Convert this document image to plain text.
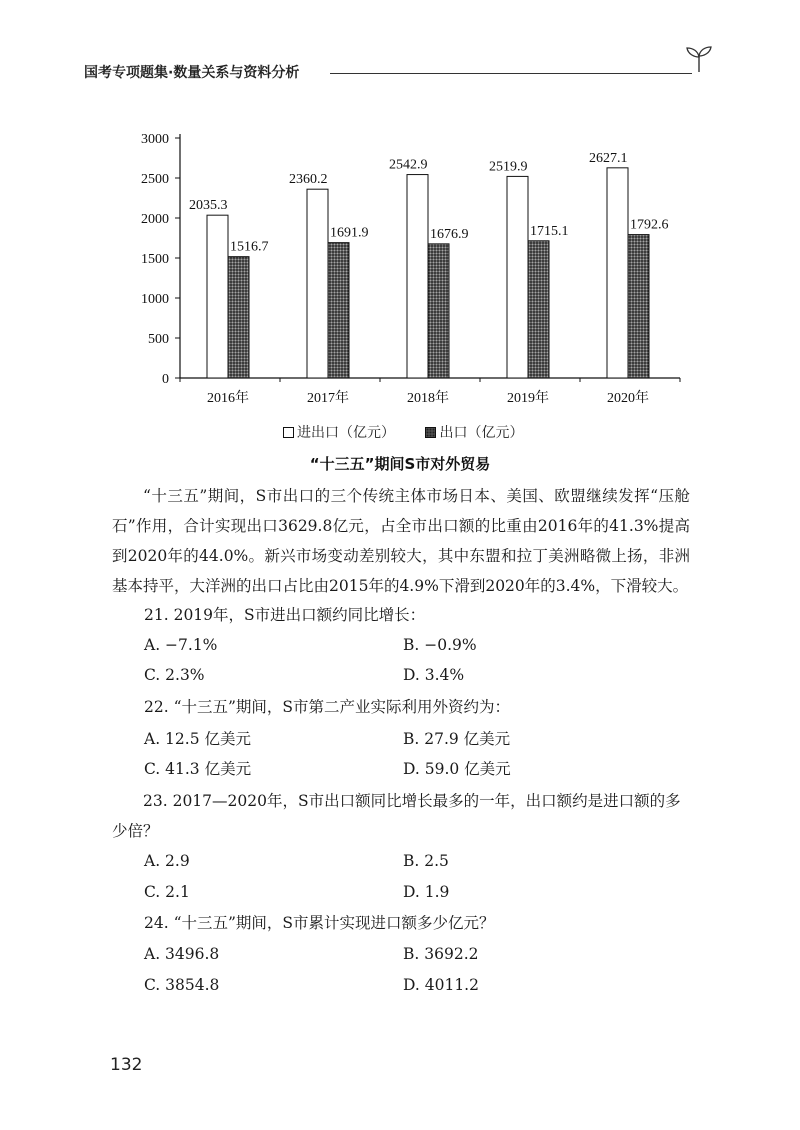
国考专项题集·数量关系与资料分析
0
500
1000
1500
2000
2500
3000
2035.3
1516.7
2016年
2360.2
1691.9
2017年
2542.9
1676.9
2018年
2519.9
1715.1
2019年
2627.1
1792.6
2020年
进出口（亿元）	出口（亿元）
“十三五”期间S市对外贸易
“十三五”期间，S市出口的三个传统主体市场日本、美国、欧盟继续发挥“压舱石”作用，合计实现出口3629.8亿元，占全市出口额的比重由2016年的41.3%提高到2020年的44.0%。新兴市场变动差别较大，其中东盟和拉丁美洲略微上扬，非洲基本持平，大洋洲的出口占比由2015年的4.9%下滑到2020年的3.4%，下滑较大。
21. 2019年，S市进出口额约同比增长：
A. −7.1%	B. −0.9%
C. 2.3%	D. 3.4%
22. “十三五”期间，S市第二产业实际利用外资约为：
A. 12.5 亿美元	B. 27.9 亿美元
C. 41.3 亿美元	D. 59.0 亿美元
23. 2017—2020年，S市出口额同比增长最多的一年，出口额约是进口额的多少倍？
A. 2.9	B. 2.5
C. 2.1	D. 1.9
24. “十三五”期间，S市累计实现进口额多少亿元？
A. 3496.8	B. 3692.2
C. 3854.8	D. 4011.2
132
